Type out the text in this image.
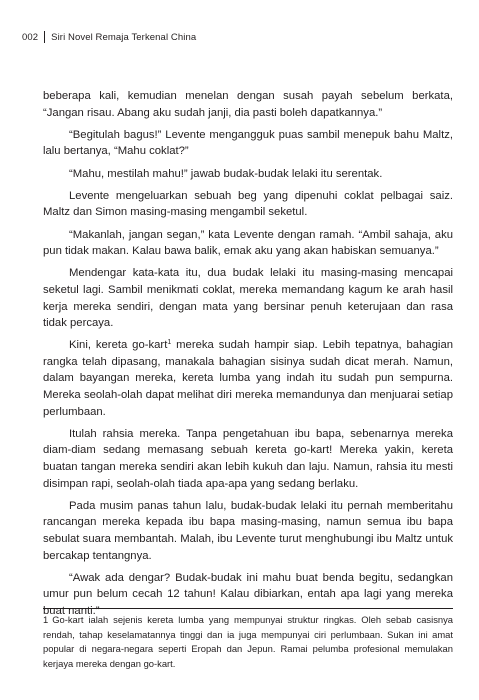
002 Siri Novel Remaja Terkenal China

beberapa kali, kemudian menelan dengan susah payah sebelum berkata, “Jangan risau. Abang aku sudah janji, dia pasti boleh dapatkannya.”

“Begitulah bagus!” Levente mengangguk puas sambil menepuk bahu Maltz, lalu bertanya, “Mahu coklat?”

“Mahu, mestilah mahu!” jawab budak-budak lelaki itu serentak.

Levente mengeluarkan sebuah beg yang dipenuhi coklat pelbagai saiz. Maltz dan Simon masing-masing mengambil seketul.

“Makanlah, jangan segan,” kata Levente dengan ramah. “Ambil sahaja, aku pun tidak makan. Kalau bawa balik, emak aku yang akan habiskan semuanya.”

Mendengar kata-kata itu, dua budak lelaki itu masing-masing mencapai seketul lagi. Sambil menikmati coklat, mereka memandang kagum ke arah hasil kerja mereka sendiri, dengan mata yang bersinar penuh keterujaan dan rasa tidak percaya.

Kini, kereta go-kart$^1$ mereka sudah hampir siap. Lebih tepatnya, bahagian rangka telah dipasang, manakala bahagian sisinya sudah dicat merah. Namun, dalam bayangan mereka, kereta lumba yang indah itu sudah pun sempurna. Mereka seolah-olah dapat melihat diri mereka memandunya dan menjuarai setiap perlumbaan.

Itulah rahsia mereka. Tanpa pengetahuan ibu bapa, sebenarnya mereka diam-diam sedang memasang sebuah kereta go-kart! Mereka yakin, kereta buatan tangan mereka sendiri akan lebih kukuh dan laju. Namun, rahsia itu mesti disimpan rapi, seolah-olah tiada apa-apa yang sedang berlaku.

Pada musim panas tahun lalu, budak-budak lelaki itu pernah memberitahu rancangan mereka kepada ibu bapa masing-masing, namun semua ibu bapa sebulat suara membantah. Malah, ibu Levente turut menghubungi ibu Maltz untuk bercakap tentangnya.

“Awak ada dengar? Budak-budak ini mahu buat benda begitu, sedangkan umur pun belum cecah 12 tahun! Kalau dibiarkan, entah apa lagi yang mereka buat nanti.”

1 Go-kart ialah sejenis kereta lumba yang mempunyai struktur ringkas. Oleh sebab casisnya rendah, tahap keselamatannya tinggi dan ia juga mempunyai ciri perlumbaan. Sukan ini amat popular di negara-negara seperti Eropah dan Jepun. Ramai pelumba profesional memulakan kerjaya mereka dengan go-kart.
